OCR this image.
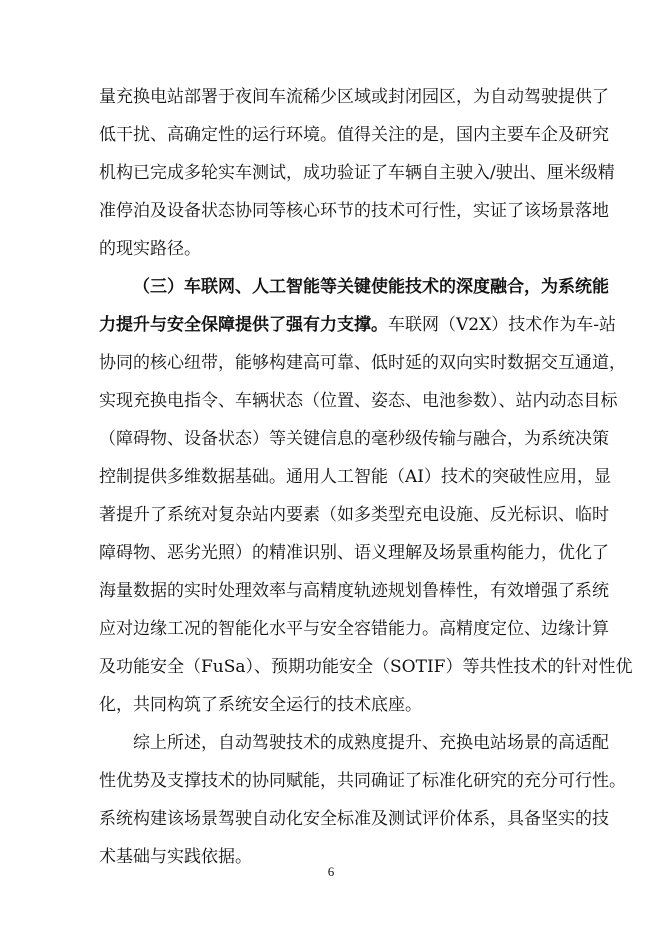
量充换电站部署于夜间车流稀少区域或封闭园区，为自动驾驶提供了
低干扰、高确定性的运行环境。值得关注的是，国内主要车企及研究
机构已完成多轮实车测试，成功验证了车辆自主驶入/驶出、厘米级精
准停泊及设备状态协同等核心环节的技术可行性，实证了该场景落地
的现实路径。
（三）车联网、人工智能等关键使能技术的深度融合，为系统能
力提升与安全保障提供了强有力支撑。车联网（V2X）技术作为车-站
协同的核心纽带，能够构建高可靠、低时延的双向实时数据交互通道，
实现充换电指令、车辆状态（位置、姿态、电池参数）、站内动态目标
（障碍物、设备状态）等关键信息的毫秒级传输与融合，为系统决策
控制提供多维数据基础。通用人工智能（AI）技术的突破性应用，显
著提升了系统对复杂站内要素（如多类型充电设施、反光标识、临时
障碍物、恶劣光照）的精准识别、语义理解及场景重构能力，优化了
海量数据的实时处理效率与高精度轨迹规划鲁棒性，有效增强了系统
应对边缘工况的智能化水平与安全容错能力。高精度定位、边缘计算
及功能安全（FuSa）、预期功能安全（SOTIF）等共性技术的针对性优
化，共同构筑了系统安全运行的技术底座。
综上所述，自动驾驶技术的成熟度提升、充换电站场景的高适配
性优势及支撑技术的协同赋能，共同确证了标准化研究的充分可行性。
系统构建该场景驾驶自动化安全标准及测试评价体系，具备坚实的技
术基础与实践依据。
6
